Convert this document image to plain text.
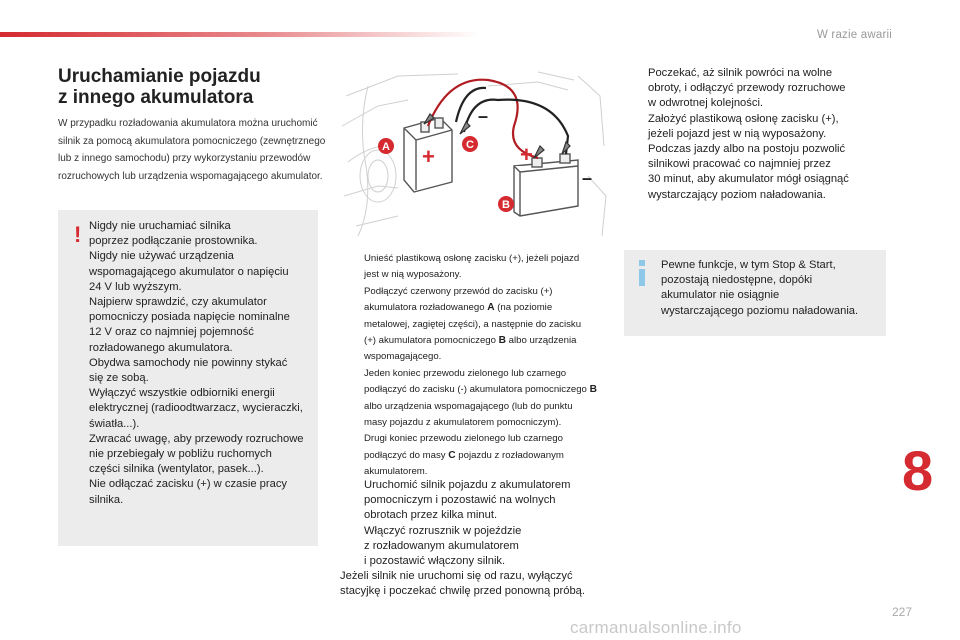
W razie awarii
Uruchamianie pojazdu
z innego akumulatora

W przypadku rozładowania akumulatora można uruchomić silnik za pomocą akumulatora pomocniczego (zewnętrznego lub z innego samochodu) przy wykorzystaniu przewodów rozruchowych lub urządzenia wspomagającego akumulator.

! Nigdy nie uruchamiać silnika
poprzez podłączanie prostownika.
Nigdy nie używać urządzenia
wspomagającego akumulator o napięciu
24 V lub wyższym.
Najpierw sprawdzić, czy akumulator
pomocniczy posiada napięcie nominalne
12 V oraz co najmniej pojemność
rozładowanego akumulatora.
Obydwa samochody nie powinny stykać
się ze sobą.
Wyłączyć wszystkie odbiorniki energii
elektrycznej (radioodtwarzacz, wycieraczki,
światła...).
Zwracać uwagę, aby przewody rozruchowe
nie przebiegały w pobliżu ruchomych
części silnika (wentylator, pasek...).
Nie odłączać zacisku (+) w czasie pracy
silnika.
+	+
–
–
A	C
B
Unieść plastikową osłonę zacisku (+), jeżeli pojazd
jest w nią wyposażony.
Podłączyć czerwony przewód do zacisku (+)
akumulatora rozładowanego A (na poziomie
metalowej, zagiętej części), a następnie do zacisku
(+) akumulatora pomocniczego B albo urządzenia
wspomagającego.
Jeden koniec przewodu zielonego lub czarnego
podłączyć do zacisku (-) akumulatora pomocniczego B
albo urządzenia wspomagającego (lub do punktu
masy pojazdu z akumulatorem pomocniczym).
Drugi koniec przewodu zielonego lub czarnego
podłączyć do masy C pojazdu z rozładowanym
akumulatorem.
Uruchomić silnik pojazdu z akumulatorem
pomocniczym i pozostawić na wolnych
obrotach przez kilka minut.
Włączyć rozrusznik w pojeździe
z rozładowanym akumulatorem
i pozostawić włączony silnik.
Jeżeli silnik nie uruchomi się od razu, wyłączyć
stacyjkę i poczekać chwilę przed ponowną próbą.
Poczekać, aż silnik powróci na wolne
obroty, i odłączyć przewody rozruchowe
w odwrotnej kolejności.
Założyć plastikową osłonę zacisku (+),
jeżeli pojazd jest w nią wyposażony.
Podczas jazdy albo na postoju pozwolić
silnikowi pracować co najmniej przez
30 minut, aby akumulator mógł osiągnąć
wystarczający poziom naładowania.
Pewne funkcje, w tym Stop & Start,
pozostają niedostępne, dopóki
akumulator nie osiągnie
wystarczającego poziomu naładowania.
8
227
carmanualsonline.info
